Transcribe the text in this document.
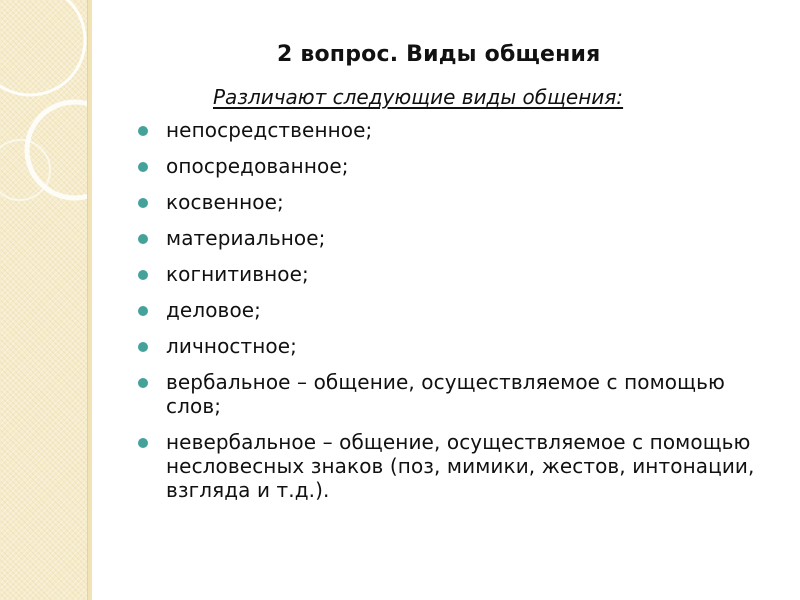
2 вопрос. Виды общения
Различают следующие виды общения:
непосредственное;
опосредованное;
косвенное;
материальное;
когнитивное;
деловое;
личностное;
вербальное – общение, осуществляемое с помощью слов;
невербальное – общение, осуществляемое с помощью несловесных знаков (поз, мимики, жестов, интонации, взгляда и т.д.).
